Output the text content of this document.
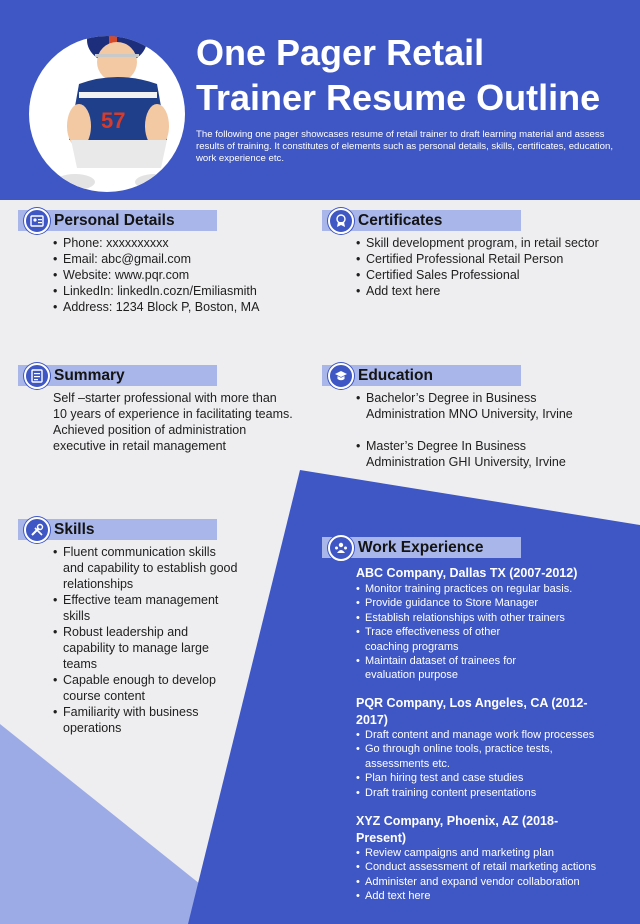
57
One Pager Retail
Trainer Resume Outline
The following one pager showcases resume of retail trainer to draft learning material and assess results of training. It constitutes of elements such as personal details, skills, certificates, education, work experience etc.
Personal Details
• Phone: xxxxxxxxxx
• Email: abc@gmail.com
• Website: www.pqr.com
• LinkedIn: linkedln.cozn/Emiliasmith
• Address: 1234 Block P, Boston, MA
Certificates
• Skill development program, in retail sector
• Certified Professional Retail Person
• Certified Sales Professional
• Add text here
Summary
Self –starter professional with more than 10 years of experience in facilitating teams. Achieved position of administration executive in retail management
Education
• Bachelor’s Degree in Business Administration MNO University, Irvine
• Master’s Degree In Business Administration GHI University, Irvine
Skills
• Fluent communication skills and capability to establish good relationships
• Effective team management skills
• Robust leadership and capability to manage large teams
• Capable enough to develop course content
• Familiarity with business operations
Work Experience
ABC Company, Dallas TX (2007-2012)
• Monitor training practices on regular basis.
• Provide guidance to Store Manager
• Establish relationships with other trainers
• Trace effectiveness of other coaching programs
• Maintain dataset of trainees for evaluation purpose
PQR Company, Los Angeles, CA (2012-2017)
• Draft content and manage work flow processes
• Go through online tools, practice tests, assessments etc.
• Plan hiring test and case studies
• Draft training content presentations
XYZ Company, Phoenix, AZ (2018-Present)
• Review campaigns and marketing plan
• Conduct assessment of retail marketing actions
• Administer and expand vendor collaboration
• Add text here
